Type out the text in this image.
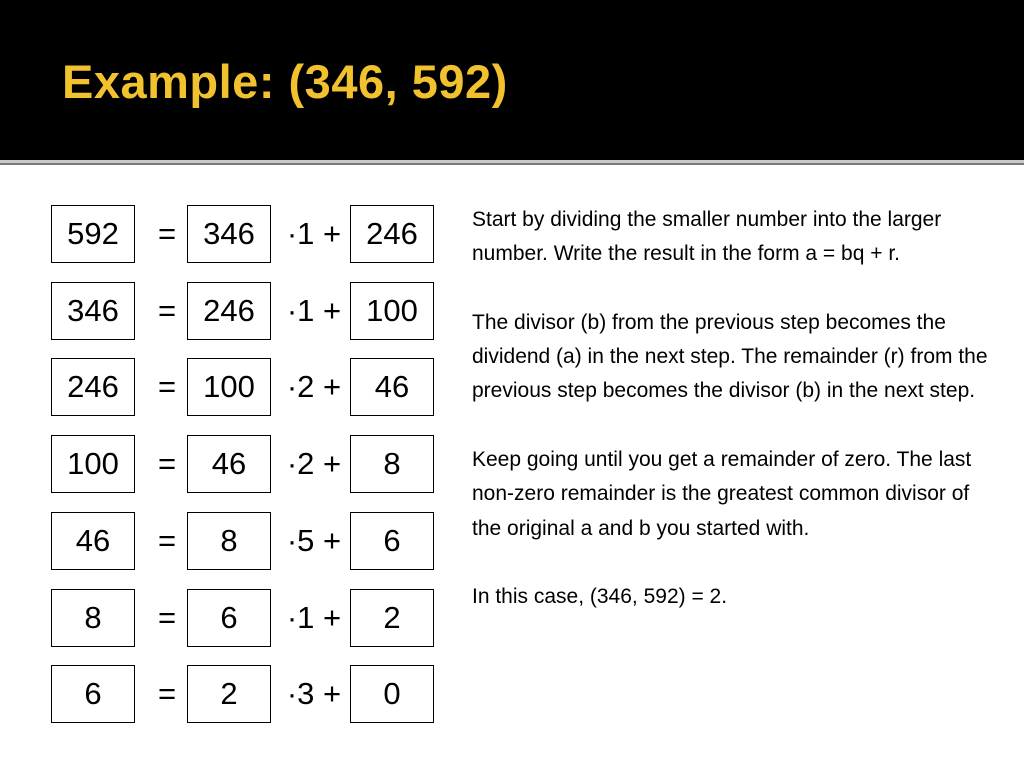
Example: (346, 592)
592	= 346	·1 + 246
346	= 246	·1 + 100
246	= 100	·2 +	46
100	=	46	·2 +	8
46	=	8	·5 +	6
8	=	6	·1 +	2
6	=	2	·3 +	0

Start by dividing the smaller number into the larger number. Write the result in the form a = bq + r.

The divisor (b) from the previous step becomes the dividend (a) in the next step. The remainder (r) from the previous step becomes the divisor (b) in the next step.

Keep going until you get a remainder of zero. The last non-zero remainder is the greatest common divisor of the original a and b you started with.

In this case, (346, 592) = 2.
